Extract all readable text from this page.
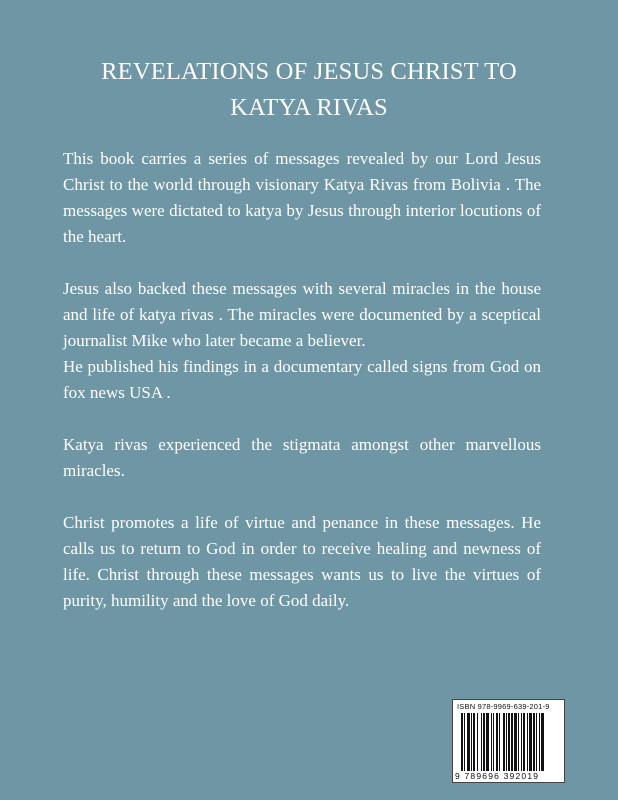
REVELATIONS OF JESUS CHRIST TO
KATYA RIVAS

This book carries a series of messages revealed by our Lord Jesus Christ to the world through visionary Katya Rivas from Bolivia . The messages were dictated to katya by Jesus through interior locutions of the heart.

Jesus also backed these messages with several miracles in the house and life of katya rivas . The miracles were documented by a sceptical journalist Mike who later became a believer.

He published his findings in a documentary called signs from God on fox news USA .

Katya rivas experienced the stigmata amongst other marvellous miracles.

Christ promotes a life of virtue and penance in these messages. He calls us to return to God in order to receive healing and newness of life. Christ through these messages wants us to live the virtues of purity, humility and the love of God daily.

ISBN 978-9969-639-201-9
9 789696 392019
